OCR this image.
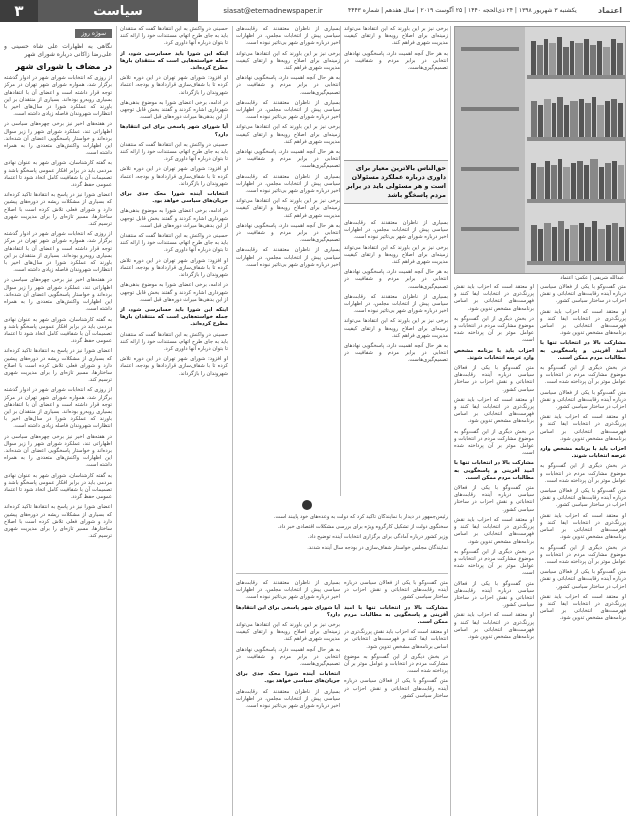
۳	سیاست	siasat@etemadnewspaper.ir	یکشنبه ۳ شهریور ۱۳۹۸ | ۲۴ ذی‌الحجه ۱۴۴۰ | ۲۵ آگوست ۲۰۱۹ | سال هفدهم | شماره ۴۴۴۳	اعتماد
سوژه روز
نگاهی به اظهارات علی شاه حسینی و علی‌رضا زاکانی درباره شورای شهر
در مضاف با شورای شهر

از روزی که انتخابات شورای شهر در ادوار گذشته برگزار شد، همواره شورای شهر تهران در مرکز توجه قرار داشته است و اعضای آن با انتقادهای بسیاری روبه‌رو بوده‌اند. بسیاری از منتقدان بر این باورند که عملکرد شورا در سال‌های اخیر با انتظارات شهروندان فاصله زیادی داشته است.

در هفته‌های اخیر نیز برخی چهره‌های سیاسی در اظهاراتی تند، عملکرد شورای شهر را زیر سوال برده‌اند و خواستار پاسخگویی اعضای آن شده‌اند. این اظهارات واکنش‌های متعددی را به همراه داشته است.

به گفته کارشناسان، شورای شهر به عنوان نهادی مردمی باید در برابر افکار عمومی پاسخگو باشد و تصمیمات آن با شفافیت کامل اتخاذ شود تا اعتماد عمومی حفظ گردد.

اعضای شورا نیز در پاسخ به انتقادها تاکید کرده‌اند که بسیاری از مشکلات ریشه در دوره‌های پیشین دارد و شورای فعلی تلاش کرده است با اصلاح ساختارها، مسیر تازه‌ای را برای مدیریت شهری ترسیم کند.

از روزی که انتخابات شورای شهر در ادوار گذشته برگزار شد، همواره شورای شهر تهران در مرکز توجه قرار داشته است و اعضای آن با انتقادهای بسیاری روبه‌رو بوده‌اند. بسیاری از منتقدان بر این باورند که عملکرد شورا در سال‌های اخیر با انتظارات شهروندان فاصله زیادی داشته است.

در هفته‌های اخیر نیز برخی چهره‌های سیاسی در اظهاراتی تند، عملکرد شورای شهر را زیر سوال برده‌اند و خواستار پاسخگویی اعضای آن شده‌اند. این اظهارات واکنش‌های متعددی را به همراه داشته است.

به گفته کارشناسان، شورای شهر به عنوان نهادی مردمی باید در برابر افکار عمومی پاسخگو باشد و تصمیمات آن با شفافیت کامل اتخاذ شود تا اعتماد عمومی حفظ گردد.

اعضای شورا نیز در پاسخ به انتقادها تاکید کرده‌اند که بسیاری از مشکلات ریشه در دوره‌های پیشین دارد و شورای فعلی تلاش کرده است با اصلاح ساختارها، مسیر تازه‌ای را برای مدیریت شهری ترسیم کند.

از روزی که انتخابات شورای شهر در ادوار گذشته برگزار شد، همواره شورای شهر تهران در مرکز توجه قرار داشته است و اعضای آن با انتقادهای بسیاری روبه‌رو بوده‌اند. بسیاری از منتقدان بر این باورند که عملکرد شورا در سال‌های اخیر با انتظارات شهروندان فاصله زیادی داشته است.

در هفته‌های اخیر نیز برخی چهره‌های سیاسی در اظهاراتی تند، عملکرد شورای شهر را زیر سوال برده‌اند و خواستار پاسخگویی اعضای آن شده‌اند. این اظهارات واکنش‌های متعددی را به همراه داشته است.

به گفته کارشناسان، شورای شهر به عنوان نهادی مردمی باید در برابر افکار عمومی پاسخگو باشد و تصمیمات آن با شفافیت کامل اتخاذ شود تا اعتماد عمومی حفظ گردد.

اعضای شورا نیز در پاسخ به انتقادها تاکید کرده‌اند که بسیاری از مشکلات ریشه در دوره‌های پیشین دارد و شورای فعلی تلاش کرده است با اصلاح ساختارها، مسیر تازه‌ای را برای مدیریت شهری ترسیم کند.

حسینی در واکنش به این انتقادها گفت که منتقدان باید به جای طرح اتهام، مستندات خود را ارائه کنند تا بتوان درباره آنها داوری کرد.

اینکه این شورا باید حسابرسی شود، از جمله خواسته‌هایی است که منتقدان بارها مطرح کرده‌اند.

او افزود: شورای شهر تهران در این دوره تلاش کرده تا با شفاف‌سازی قراردادها و بودجه، اعتماد شهروندان را بازگرداند.

در ادامه، برخی اعضای شورا به موضوع بدهی‌های شهرداری اشاره کردند و گفتند بخش قابل توجهی از این بدهی‌ها میراث دوره‌های قبل است.

آیا شورای شهر پاسخی برای این انتقادها دارد؟

حسینی در واکنش به این انتقادها گفت که منتقدان باید به جای طرح اتهام، مستندات خود را ارائه کنند تا بتوان درباره آنها داوری کرد.

او افزود: شورای شهر تهران در این دوره تلاش کرده تا با شفاف‌سازی قراردادها و بودجه، اعتماد شهروندان را بازگرداند.

انتخابات آینده شورا محک جدی برای جریان‌های سیاسی خواهد بود.

در ادامه، برخی اعضای شورا به موضوع بدهی‌های شهرداری اشاره کردند و گفتند بخش قابل توجهی از این بدهی‌ها میراث دوره‌های قبل است.

حسینی در واکنش به این انتقادها گفت که منتقدان باید به جای طرح اتهام، مستندات خود را ارائه کنند تا بتوان درباره آنها داوری کرد.

او افزود: شورای شهر تهران در این دوره تلاش کرده تا با شفاف‌سازی قراردادها و بودجه، اعتماد شهروندان را بازگرداند.

در ادامه، برخی اعضای شورا به موضوع بدهی‌های شهرداری اشاره کردند و گفتند بخش قابل توجهی از این بدهی‌ها میراث دوره‌های قبل است.

اینکه این شورا باید حسابرسی شود، از جمله خواسته‌هایی است که منتقدان بارها مطرح کرده‌اند.

حسینی در واکنش به این انتقادها گفت که منتقدان باید به جای طرح اتهام، مستندات خود را ارائه کنند تا بتوان درباره آنها داوری کرد.

او افزود: شورای شهر تهران در این دوره تلاش کرده تا با شفاف‌سازی قراردادها و بودجه، اعتماد شهروندان را بازگرداند.

بسیاری از ناظران معتقدند که رقابت‌های سیاسی پیش از انتخابات مجلس، در اظهارات اخیر درباره شورای شهر بی‌تاثیر نبوده است.

برخی نیز بر این باورند که این انتقادها می‌تواند زمینه‌ای برای اصلاح رویه‌ها و ارتقای کیفیت مدیریت شهری فراهم کند.

به هر حال آنچه اهمیت دارد، پاسخگویی نهادهای انتخابی در برابر مردم و شفافیت در تصمیم‌گیری‌هاست.

بسیاری از ناظران معتقدند که رقابت‌های سیاسی پیش از انتخابات مجلس، در اظهارات اخیر درباره شورای شهر بی‌تاثیر نبوده است.

برخی نیز بر این باورند که این انتقادها می‌تواند زمینه‌ای برای اصلاح رویه‌ها و ارتقای کیفیت مدیریت شهری فراهم کند.

به هر حال آنچه اهمیت دارد، پاسخگویی نهادهای انتخابی در برابر مردم و شفافیت در تصمیم‌گیری‌هاست.

بسیاری از ناظران معتقدند که رقابت‌های سیاسی پیش از انتخابات مجلس، در اظهارات اخیر درباره شورای شهر بی‌تاثیر نبوده است.

برخی نیز بر این باورند که این انتقادها می‌تواند زمینه‌ای برای اصلاح رویه‌ها و ارتقای کیفیت مدیریت شهری فراهم کند.

به هر حال آنچه اهمیت دارد، پاسخگویی نهادهای انتخابی در برابر مردم و شفافیت در تصمیم‌گیری‌هاست.

بسیاری از ناظران معتقدند که رقابت‌های سیاسی پیش از انتخابات مجلس، در اظهارات اخیر درباره شورای شهر بی‌تاثیر نبوده است.

برخی نیز بر این باورند که این انتقادها می‌تواند زمینه‌ای برای اصلاح رویه‌ها و ارتقای کیفیت مدیریت شهری فراهم کند.

به هر حال آنچه اهمیت دارد، پاسخگویی نهادهای انتخابی در برابر مردم و شفافیت در تصمیم‌گیری‌هاست.

حق‌الناس بالاترین معیار برای داوری درباره عملکرد مسئولان است و هر مسئولی باید در برابر مردم پاسخگو باشد

بسیاری از ناظران معتقدند که رقابت‌های سیاسی پیش از انتخابات مجلس، در اظهارات اخیر درباره شورای شهر بی‌تاثیر نبوده است.

برخی نیز بر این باورند که این انتقادها می‌تواند زمینه‌ای برای اصلاح رویه‌ها و ارتقای کیفیت مدیریت شهری فراهم کند.

به هر حال آنچه اهمیت دارد، پاسخگویی نهادهای انتخابی در برابر مردم و شفافیت در تصمیم‌گیری‌هاست.

بسیاری از ناظران معتقدند که رقابت‌های سیاسی پیش از انتخابات مجلس، در اظهارات اخیر درباره شورای شهر بی‌تاثیر نبوده است.

برخی نیز بر این باورند که این انتقادها می‌تواند زمینه‌ای برای اصلاح رویه‌ها و ارتقای کیفیت مدیریت شهری فراهم کند.

به هر حال آنچه اهمیت دارد، پاسخگویی نهادهای انتخابی در برابر مردم و شفافیت در تصمیم‌گیری‌هاست.

رئیس‌جمهور در دیدار با نمایندگان تاکید کرد که دولت به وعده‌های خود پایبند است.

سخنگوی دولت از تشکیل کارگروه ویژه برای بررسی مشکلات اقتصادی خبر داد.

وزیر کشور درباره آمادگی برای برگزاری انتخابات آینده توضیح داد.

نمایندگان مجلس خواستار شفاف‌سازی در بودجه سال آینده شدند.

بسیاری از ناظران معتقدند که رقابت‌های سیاسی پیش از انتخابات مجلس، در اظهارات اخیر درباره شورای شهر بی‌تاثیر نبوده است.

آیا شورای شهر پاسخی برای این انتقادها دارد؟

برخی نیز بر این باورند که این انتقادها می‌تواند زمینه‌ای برای اصلاح رویه‌ها و ارتقای کیفیت مدیریت شهری فراهم کند.

به هر حال آنچه اهمیت دارد، پاسخگویی نهادهای انتخابی در برابر مردم و شفافیت در تصمیم‌گیری‌هاست.

انتخابات آینده شورا محک جدی برای جریان‌های سیاسی خواهد بود.

بسیاری از ناظران معتقدند که رقابت‌های سیاسی پیش از انتخابات مجلس، در اظهارات اخیر درباره شورای شهر بی‌تاثیر نبوده است.

متن گفت‌وگو با یکی از فعالان سیاسی درباره آینده رقابت‌های انتخاباتی و نقش احزاب در ساختار سیاسی کشور.

مشارکت بالا در انتخابات تنها با امید آفرینی و پاسخگویی به مطالبات مردم ممکن است.

او معتقد است که احزاب باید نقش پررنگ‌تری در انتخابات ایفا کنند و فهرست‌های انتخاباتی بر اساس برنامه‌های مشخص تدوین شود.

در بخش دیگری از این گفت‌وگو به موضوع مشارکت مردم در انتخابات و عوامل موثر بر آن پرداخته شده است.

متن گفت‌وگو با یکی از فعالان سیاسی درباره آینده رقابت‌های انتخاباتی و نقش احزاب در ساختار سیاسی کشور.

عبدالله شریفی | عکس: اعتماد

متن گفت‌وگو با یکی از فعالان سیاسی درباره آینده رقابت‌های انتخاباتی و نقش احزاب در ساختار سیاسی کشور.

او معتقد است که احزاب باید نقش پررنگ‌تری در انتخابات ایفا کنند و فهرست‌های انتخاباتی بر اساس برنامه‌های مشخص تدوین شود.

مشارکت بالا در انتخابات تنها با امید آفرینی و پاسخگویی به مطالبات مردم ممکن است.

در بخش دیگری از این گفت‌وگو به موضوع مشارکت مردم در انتخابات و عوامل موثر بر آن پرداخته شده است.

متن گفت‌وگو با یکی از فعالان سیاسی درباره آینده رقابت‌های انتخاباتی و نقش احزاب در ساختار سیاسی کشور.

او معتقد است که احزاب باید نقش پررنگ‌تری در انتخابات ایفا کنند و فهرست‌های انتخاباتی بر اساس برنامه‌های مشخص تدوین شود.

احزاب باید با برنامه مشخص وارد عرصه انتخابات شوند.

در بخش دیگری از این گفت‌وگو به موضوع مشارکت مردم در انتخابات و عوامل موثر بر آن پرداخته شده است.

متن گفت‌وگو با یکی از فعالان سیاسی درباره آینده رقابت‌های انتخاباتی و نقش احزاب در ساختار سیاسی کشور.

او معتقد است که احزاب باید نقش پررنگ‌تری در انتخابات ایفا کنند و فهرست‌های انتخاباتی بر اساس برنامه‌های مشخص تدوین شود.

در بخش دیگری از این گفت‌وگو به موضوع مشارکت مردم در انتخابات و عوامل موثر بر آن پرداخته شده است.

متن گفت‌وگو با یکی از فعالان سیاسی درباره آینده رقابت‌های انتخاباتی و نقش احزاب در ساختار سیاسی کشور.

او معتقد است که احزاب باید نقش پررنگ‌تری در انتخابات ایفا کنند و فهرست‌های انتخاباتی بر اساس برنامه‌های مشخص تدوین شود.

او معتقد است که احزاب باید نقش پررنگ‌تری در انتخابات ایفا کنند و فهرست‌های انتخاباتی بر اساس برنامه‌های مشخص تدوین شود.

در بخش دیگری از این گفت‌وگو به موضوع مشارکت مردم در انتخابات و عوامل موثر بر آن پرداخته شده است.

احزاب باید با برنامه مشخص وارد عرصه انتخابات شوند.

متن گفت‌وگو با یکی از فعالان سیاسی درباره آینده رقابت‌های انتخاباتی و نقش احزاب در ساختار سیاسی کشور.

او معتقد است که احزاب باید نقش پررنگ‌تری در انتخابات ایفا کنند و فهرست‌های انتخاباتی بر اساس برنامه‌های مشخص تدوین شود.

در بخش دیگری از این گفت‌وگو به موضوع مشارکت مردم در انتخابات و عوامل موثر بر آن پرداخته شده است.

مشارکت بالا در انتخابات تنها با امید آفرینی و پاسخگویی به مطالبات مردم ممکن است.

متن گفت‌وگو با یکی از فعالان سیاسی درباره آینده رقابت‌های انتخاباتی و نقش احزاب در ساختار سیاسی کشور.

او معتقد است که احزاب باید نقش پررنگ‌تری در انتخابات ایفا کنند و فهرست‌های انتخاباتی بر اساس برنامه‌های مشخص تدوین شود.

در بخش دیگری از این گفت‌وگو به موضوع مشارکت مردم در انتخابات و عوامل موثر بر آن پرداخته شده است.

متن گفت‌وگو با یکی از فعالان سیاسی درباره آینده رقابت‌های انتخاباتی و نقش احزاب در ساختار سیاسی کشور.

او معتقد است که احزاب باید نقش پررنگ‌تری در انتخابات ایفا کنند و فهرست‌های انتخاباتی بر اساس برنامه‌های مشخص تدوین شود.
